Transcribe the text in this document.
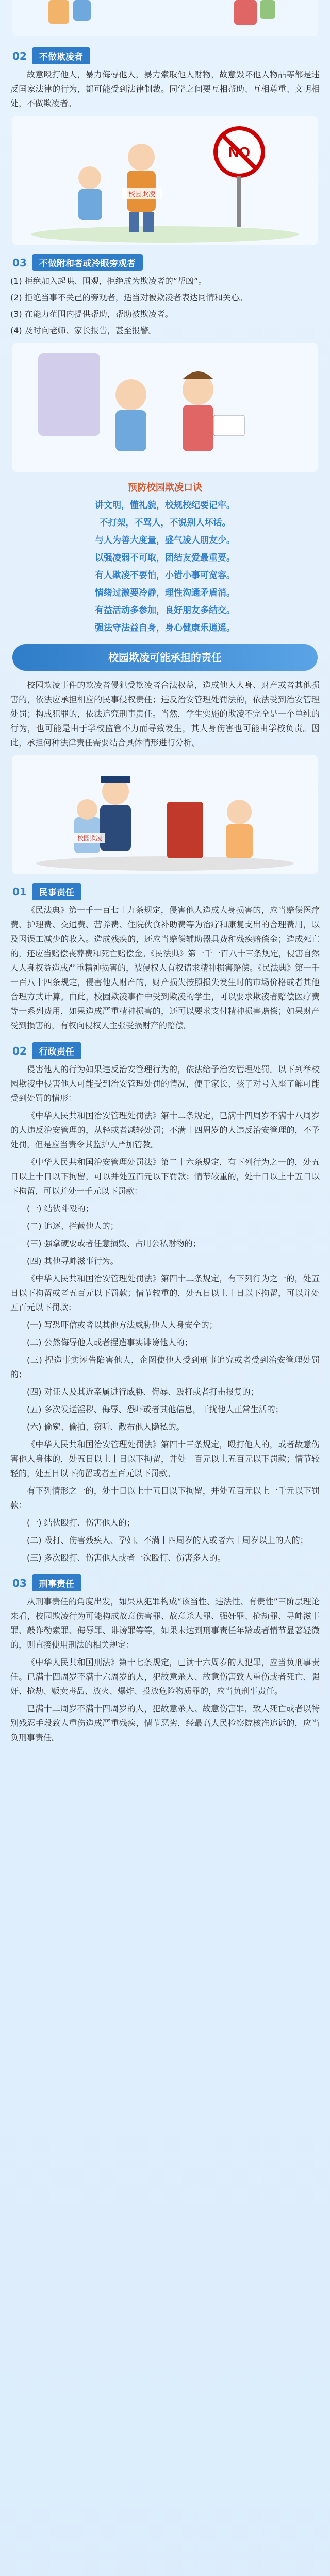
02	不做欺凌者

故意殴打他人，暴力侮辱他人，暴力索取他人财物，故意毁坏他人物品等都是违反国家法律的行为，都可能受到法律制裁。同学之间要互相帮助、互相尊重、文明相处，不做欺凌者。

NO
校园欺凌
03	不做附和者或冷眼旁观者

(1) 拒绝加入起哄、围观，拒绝成为欺凌者的“帮凶”。

(2) 拒绝当事不关己的旁观者，适当对被欺凌者表达同情和关心。

(3) 在能力范围内提供帮助，帮助被欺凌者。

(4) 及时向老师、家长报告，甚至报警。

预防校园欺凌口诀
讲文明，懂礼貌，校规校纪要记牢。
不打架，不骂人，不说别人坏话。
与人为善大度量，盛气凌人朋友少。
以强凌弱不可取，团结友爱最重要。
有人欺凌不要怕，小错小事可宽容。
情绪过激要冷静，理性沟通矛盾消。
有益活动多参加，良好朋友多结交。
强法守法益自身，身心健康乐逍遥。
校园欺凌可能承担的责任

校园欺凌事件的欺凌者侵犯受欺凌者合法权益，造成他人人身、财产或者其他损害的，依法应承担相应的民事侵权责任；违反治安管理处罚法的，依法受到治安管理处罚；构成犯罪的，依法追究刑事责任。当然，学生实施的欺凌不完全是一个单纯的行为，也可能是由于学校监管不力而导致发生，其人身伤害也可能由学校负责。因此，承担何种法律责任需要结合具体情形进行分析。

校园欺凌
01	民事责任

《民法典》第一千一百七十九条规定，侵害他人造成人身损害的，应当赔偿医疗费、护理费、交通费、营养费、住院伙食补助费等为治疗和康复支出的合理费用，以及因误工减少的收入。造成残疾的，还应当赔偿辅助器具费和残疾赔偿金；造成死亡的，还应当赔偿丧葬费和死亡赔偿金。《民法典》第一千一百八十三条规定，侵害自然人人身权益造成严重精神损害的，被侵权人有权请求精神损害赔偿。《民法典》第一千一百八十四条规定，侵害他人财产的，财产损失按照损失发生时的市场价格或者其他合理方式计算。由此，校园欺凌事件中受到欺凌的学生，可以要求欺凌者赔偿医疗费等一系列费用，如果造成严重精神损害的，还可以要求支付精神损害赔偿；如果财产受到损害的，有权向侵权人主张受损财产的赔偿。

02	行政责任

侵害他人的行为如果违反治安管理行为的，依法给予治安管理处罚。以下列举校园欺凌中侵害他人可能受到治安管理处罚的情况，便于家长、孩子对号入座了解可能受到处罚的情形：

《中华人民共和国治安管理处罚法》第十二条规定，已满十四周岁不满十八周岁的人违反治安管理的，从轻或者减轻处罚；不满十四周岁的人违反治安管理的，不予处罚，但是应当责令其监护人严加管教。

《中华人民共和国治安管理处罚法》第二十六条规定，有下列行为之一的，处五日以上十日以下拘留，可以并处五百元以下罚款；情节较重的，处十日以上十五日以下拘留，可以并处一千元以下罚款：

(一) 结伙斗殴的；

(二) 追逐、拦截他人的；

(三) 强拿硬要或者任意损毁、占用公私财物的；

(四) 其他寻衅滋事行为。

《中华人民共和国治安管理处罚法》第四十二条规定，有下列行为之一的，处五日以下拘留或者五百元以下罚款；情节较重的，处五日以上十日以下拘留，可以并处五百元以下罚款：

(一) 写恐吓信或者以其他方法威胁他人人身安全的；

(二) 公然侮辱他人或者捏造事实诽谤他人的；

(三) 捏造事实诬告陷害他人，企图使他人受到刑事追究或者受到治安管理处罚的；

(四) 对证人及其近亲属进行威胁、侮辱、殴打或者打击报复的；

(五) 多次发送淫秽、侮辱、恐吓或者其他信息，干扰他人正常生活的；

(六) 偷窥、偷拍、窃听、散布他人隐私的。

《中华人民共和国治安管理处罚法》第四十三条规定，殴打他人的，或者故意伤害他人身体的，处五日以上十日以下拘留，并处二百元以上五百元以下罚款；情节较轻的，处五日以下拘留或者五百元以下罚款。

有下列情形之一的，处十日以上十五日以下拘留，并处五百元以上一千元以下罚款：

(一) 结伙殴打、伤害他人的；

(二) 殴打、伤害残疾人、孕妇、不满十四周岁的人或者六十周岁以上的人的；

(三) 多次殴打、伤害他人或者一次殴打、伤害多人的。

03	刑事责任

从刑事责任的角度出发，如果从犯罪构成“该当性、违法性、有责性”三阶层理论来看，校园欺凌行为可能构成故意伤害罪、故意杀人罪、强奸罪、抢劫罪、寻衅滋事罪、敲诈勒索罪、侮辱罪、诽谤罪等等，如果未达到刑事责任年龄或者情节显著轻微的，则直接使用刑法的相关规定：

《中华人民共和国刑法》第十七条规定，已满十六周岁的人犯罪，应当负刑事责任。已满十四周岁不满十六周岁的人，犯故意杀人、故意伤害致人重伤或者死亡、强奸、抢劫、贩卖毒品、放火、爆炸、投放危险物质罪的，应当负刑事责任。

已满十二周岁不满十四周岁的人，犯故意杀人、故意伤害罪，致人死亡或者以特别残忍手段致人重伤造成严重残疾，情节恶劣，经最高人民检察院核准追诉的，应当负刑事责任。
